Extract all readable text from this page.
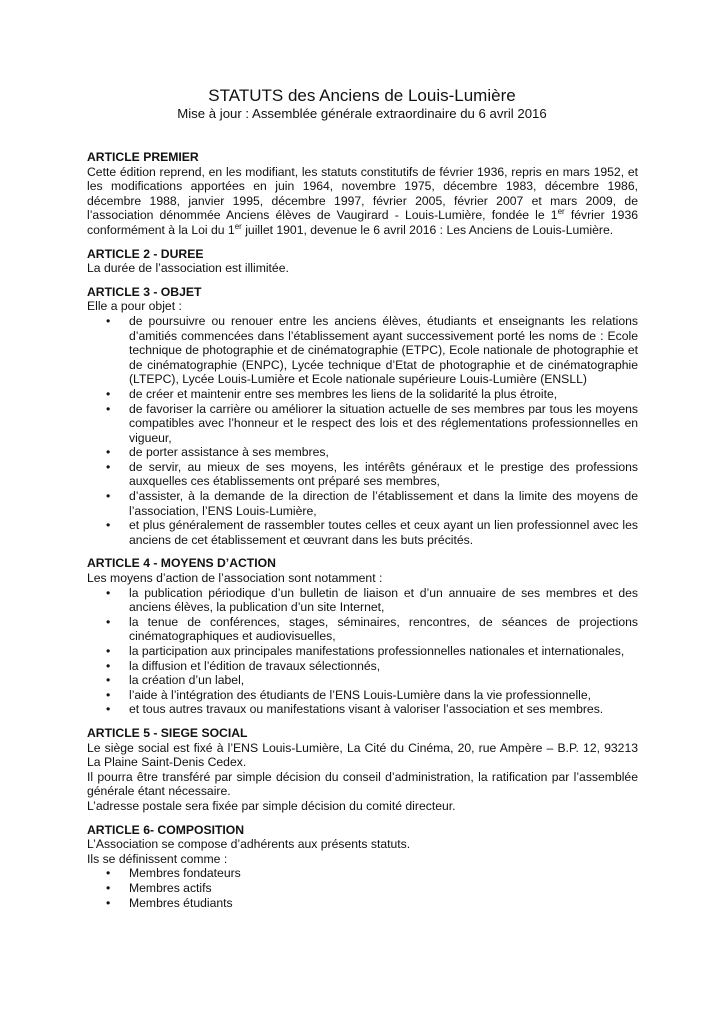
STATUTS des Anciens de Louis-Lumière

Mise à jour : Assemblée générale extraordinaire du 6 avril 2016

ARTICLE PREMIER

Cette édition reprend, en les modifiant, les statuts constitutifs de février 1936, repris en mars 1952, et les modifications apportées en juin 1964, novembre 1975, décembre 1983, décembre 1986, décembre 1988, janvier 1995, décembre 1997, février 2005, février 2007 et mars 2009, de l’association dénommée Anciens élèves de Vaugirard - Louis-Lumière, fondée le 1er février 1936 conformément à la Loi du 1er juillet 1901, devenue le 6 avril 2016 : Les Anciens de Louis-Lumière.

ARTICLE 2 - DUREE

La durée de l’association est illimitée.

ARTICLE 3 - OBJET

Elle a pour objet :

• de poursuivre ou renouer entre les anciens élèves, étudiants et enseignants les relations d’amitiés commencées dans l’établissement ayant successivement porté les noms de : Ecole technique de photographie et de cinématographie (ETPC), Ecole nationale de photographie et de cinématographie (ENPC), Lycée technique d’Etat de photographie et de cinématographie (LTEPC), Lycée Louis-Lumière et Ecole nationale supérieure Louis-Lumière (ENSLL)
• de créer et maintenir entre ses membres les liens de la solidarité la plus étroite,
• de favoriser la carrière ou améliorer la situation actuelle de ses membres par tous les moyens compatibles avec l’honneur et le respect des lois et des réglementations professionnelles en vigueur,
• de porter assistance à ses membres,
• de servir, au mieux de ses moyens, les intérêts généraux et le prestige des professions auxquelles ces établissements ont préparé ses membres,
• d’assister, à la demande de la direction de l’établissement et dans la limite des moyens de l’association, l’ENS Louis-Lumière,
• et plus généralement de rassembler toutes celles et ceux ayant un lien professionnel avec les anciens de cet établissement et œuvrant dans les buts précités.

ARTICLE 4 - MOYENS D’ACTION

Les moyens d’action de l’association sont notamment :

• la publication périodique d’un bulletin de liaison et d’un annuaire de ses membres et des anciens élèves, la publication d’un site Internet,
• la tenue de conférences, stages, séminaires, rencontres, de séances de projections cinématographiques et audiovisuelles,
• la participation aux principales manifestations professionnelles nationales et internationales,
• la diffusion et l’édition de travaux sélectionnés,
• la création d’un label,
• l’aide à l’intégration des étudiants de l’ENS Louis-Lumière dans la vie professionnelle,
• et tous autres travaux ou manifestations visant à valoriser l’association et ses membres.

ARTICLE 5 - SIEGE SOCIAL

Le siège social est fixé à l’ENS Louis-Lumière, La Cité du Cinéma, 20, rue Ampère – B.P. 12, 93213 La Plaine Saint-Denis Cedex.

Il pourra être transféré par simple décision du conseil d’administration, la ratification par l’assemblée générale étant nécessaire.

L’adresse postale sera fixée par simple décision du comité directeur.

ARTICLE 6- COMPOSITION

L’Association se compose d’adhérents aux présents statuts.

Ils se définissent comme :

• Membres fondateurs
• Membres actifs
• Membres étudiants
